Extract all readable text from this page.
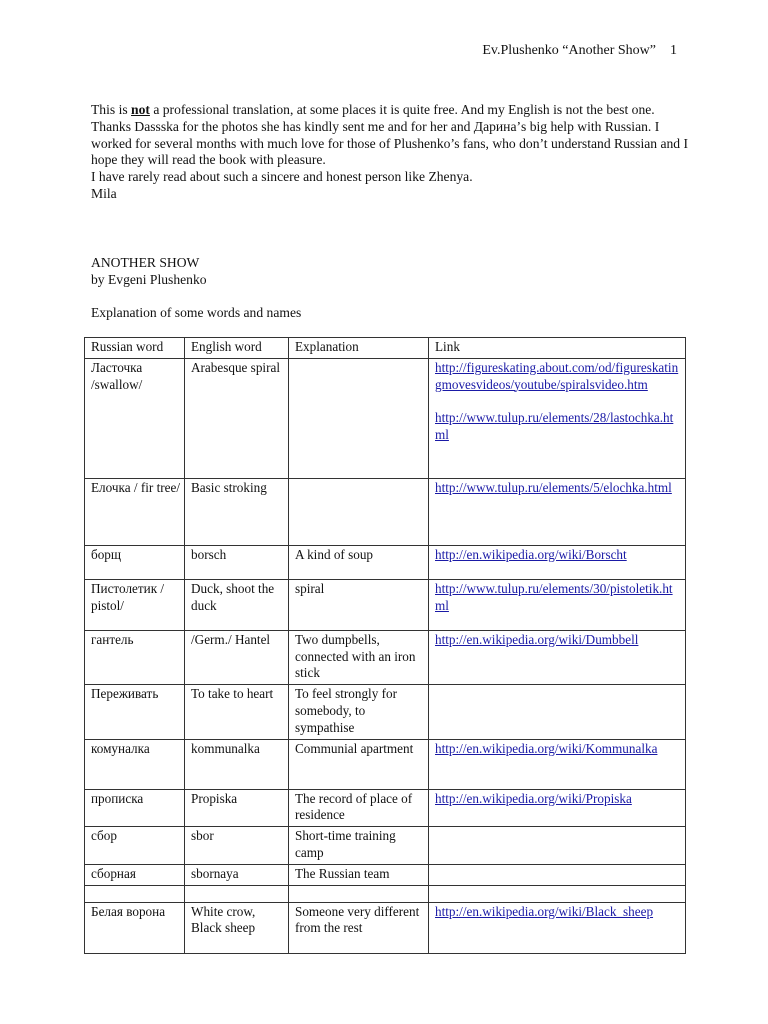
Ev.Plushenko “Another Show”    1

This is not a professional translation, at some places it is quite free. And my English is not the best one. Thanks Dassska for the photos she has kindly sent me and for her and Дарина’s big help with Russian. I worked for several months with much love for those of Plushenko’s fans, who don’t understand Russian and I hope they will read the book with pleasure.

I have rarely read about such a sincere and honest person like Zhenya.

Mila

ANOTHER SHOW

by Evgeni Plushenko

Explanation of some words and names
Russian word	English word	Explanation	Link
Ласточка /swallow/	Arabesque spiral		http://figureskating.about.com/od/figureskatingmovesvideos/youtube/spiralsvideo.htm
http://www.tulup.ru/elements/28/lastochka.html

Елочка / fir tree/	Basic stroking		http://www.tulup.ru/elements/5/elochka.html

борщ	borsch	A kind of soup	http://en.wikipedia.org/wiki/Borscht

Пистолетик / pistol/	Duck, shoot the duck	spiral	http://www.tulup.ru/elements/30/pistoletik.html

гантель	/Germ./ Hantel	Two dumpbells, connected with an iron stick	http://en.wikipedia.org/wiki/Dumbbell

Переживать	To take to heart	To feel strongly for somebody, to sympathise	
комуналка	kommunalka	Communial apartment	http://en.wikipedia.org/wiki/Kommunalka

прописка	Propiska	The record of place of residence	http://en.wikipedia.org/wiki/Propiska

сбор	sbor	Short-time training camp	
сборная	sbornaya	The Russian team	

Белая ворона	White crow, Black sheep	Someone very different from the rest	http://en.wikipedia.org/wiki/Black_sheep
